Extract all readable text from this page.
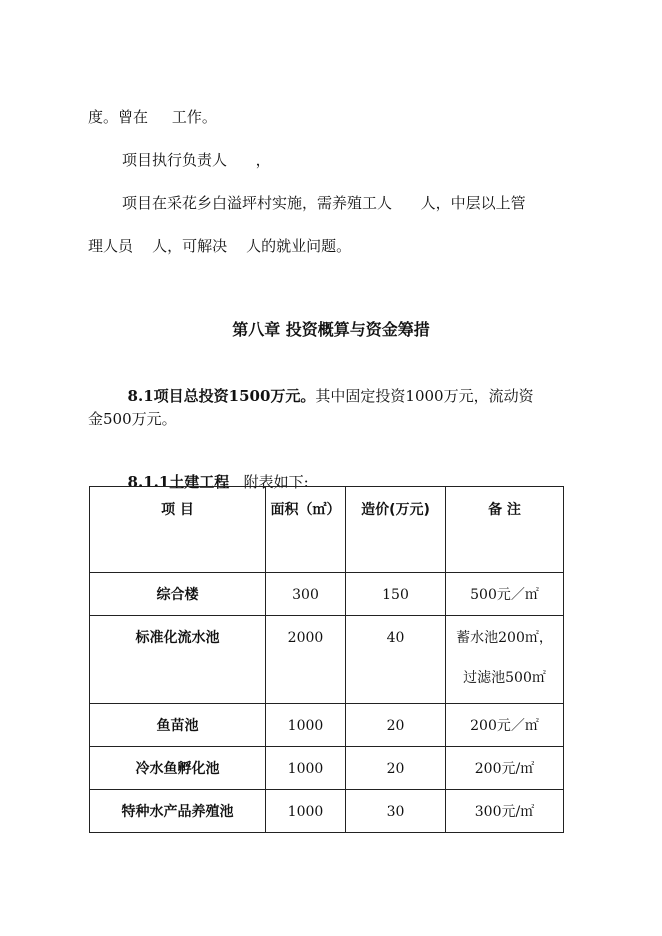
度。曾在     工作。
项目执行负责人      ，
项目在采花乡白溢坪村实施，需养殖工人      人，中层以上管
理人员    人，可解决    人的就业问题。
第八章 投资概算与资金筹措

8.1项目总投资1500万元。其中固定投资1000万元，流动资

金500万元。

8.1.1土建工程   附表如下:

项 目	面积（㎡）	造价(万元)	备 注
综合楼	300	150	500元／㎡
标准化流水池	2000	40	蓄水池200㎡，
过滤池500㎡

鱼苗池	1000	20	200元／㎡
冷水鱼孵化池	1000	20	200元/㎡
特种水产品养殖池	1000	30	300元/㎡
